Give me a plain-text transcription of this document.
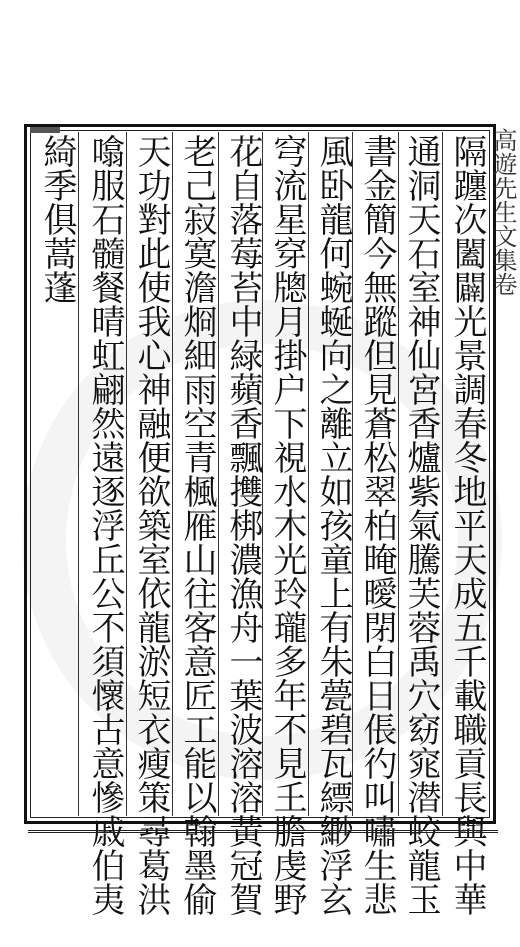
綺季俱蒿蓬 噏服石髓餐晴虹翩然遠逐浮丘公不須懷古意慘戚伯夷 天功對此使我心神融便欲築室依龍淤短衣瘦策尋葛洪 老己寂寞澹烱細雨空青楓雁山往客意匠工能以翰墨偷 花自落莓苔中緑蘋香飄㩳梆濃漁舟一葉波溶溶黃冠賀 穹流星穿牕月掛户下視水木光玲瓏多年不見𡈼膽虔野 風卧龍何蜿蜒向之離立如孩童上有朱甍碧瓦縹緲浮玄 書金簡今無蹤但見蒼松翠柏晻曖閉白日倀彴叫嘯生悲 通洞天石室神仙宮香爐紫氣騰芙蓉禹穴窈窕潜蛟龍玉 隔躔次闔闢光景調春冬地平天成五千載職貢長與中華 高遊先生文集卷
